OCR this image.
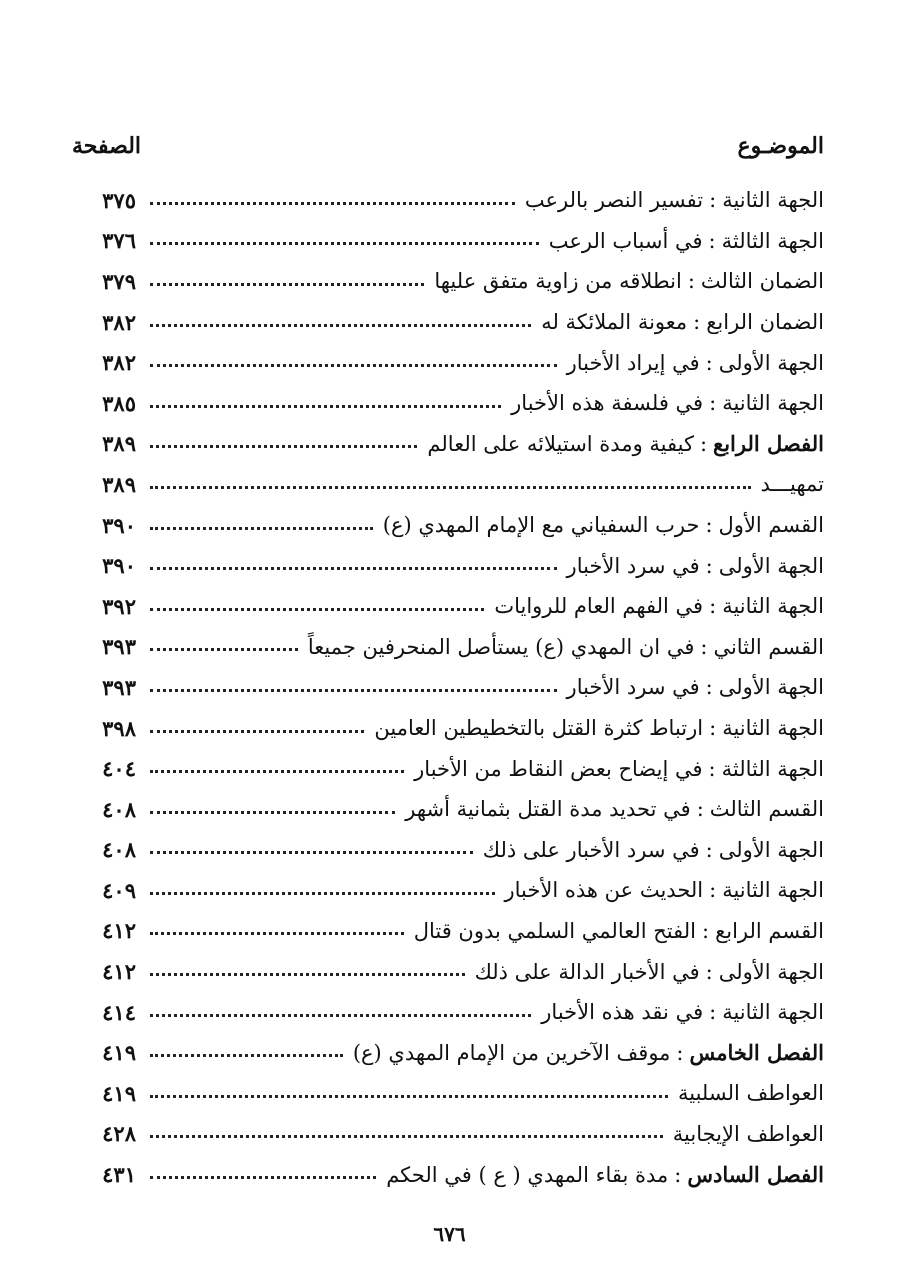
الموضـوع
الصفحة
الجهة الثانية:تفسير النصر بالرعب
٣٧٥
الجهة الثالثة:في أسباب الرعب
٣٧٦
الضمان الثالث:انطلاقه من زاوية متفق عليها
٣٧٩
الضمان الرابع:معونة الملائكة له
٣٨٢
الجهة الأولى:في إيراد الأخبار
٣٨٢
الجهة الثانية:في فلسفة هذه الأخبار
٣٨٥
الفصل الرابع:كيفية ومدة استيلائه على العالم
٣٨٩
تمهيـــد
٣٨٩
القسم الأول:حرب السفياني مع الإمام المهدي (ع)
٣٩٠
الجهة الأولى:في سرد الأخبار
٣٩٠
الجهة الثانية:في الفهم العام للروايات
٣٩٢
القسم الثاني:في ان المهدي (ع) يستأصل المنحرفين جميعاً
٣٩٣
الجهة الأولى:في سرد الأخبار
٣٩٣
الجهة الثانية:ارتباط كثرة القتل بالتخطيطين العامين
٣٩٨
الجهة الثالثة:في إيضاح بعض النقاط من الأخبار
٤٠٤
القسم الثالث:في تحديد مدة القتل بثمانية أشهر
٤٠٨
الجهة الأولى:في سرد الأخبار على ذلك
٤٠٨
الجهة الثانية:الحديث عن هذه الأخبار
٤٠٩
القسم الرابع:الفتح العالمي السلمي بدون قتال
٤١٢
الجهة الأولى:في الأخبار الدالة على ذلك
٤١٢
الجهة الثانية:في نقد هذه الأخبار
٤١٤
الفصل الخامس:موقف الآخرين من الإمام المهدي (ع)
٤١٩
العواطف السلبية
٤١٩
العواطف الإيجابية
٤٢٨
الفصل السادس:مدة بقاء المهدي ( ع ) في الحكم
٤٣١
٦٧٦
